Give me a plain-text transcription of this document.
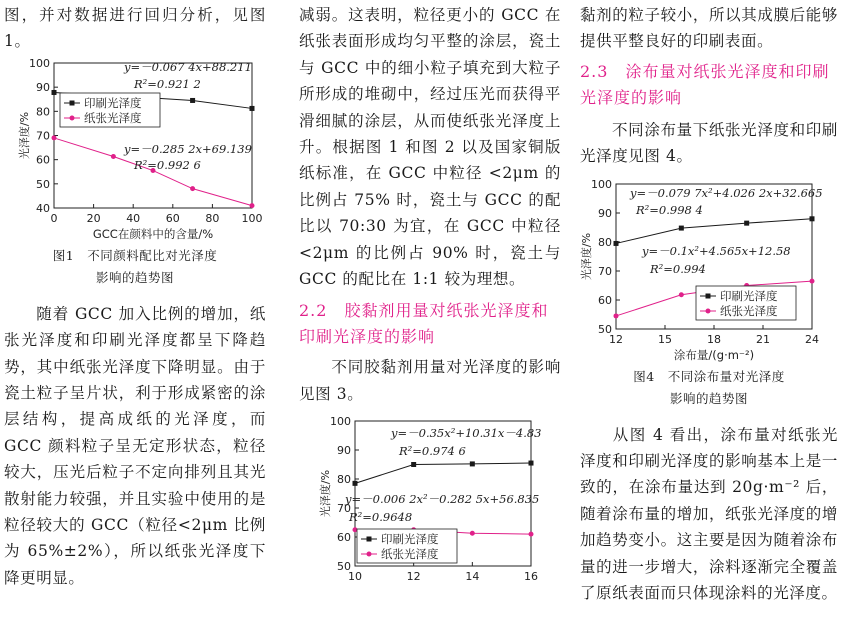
图，并对数据进行回归分析，见图 1。

40
50
60
70
80
90
100
0	20 40 60 80 100
光泽度/%
GCC在颜料中的含量/%
y=－0.067 4x+88.211
R²=0.921 2
y=－0.285 2x+69.139
R²=0.992 6
印刷光泽度
纸张光泽度

图1　不同颜料配比对光泽度

影响的趋势图

随着 GCC 加入比例的增加，纸张光泽度和印刷光泽度都呈下降趋势，其中纸张光泽度下降明显。由于瓷土粒子呈片状，利于形成紧密的涂层结构，提高成纸的光泽度，而 GCC 颜料粒子呈无定形状态，粒径较大，压光后粒子不定向排列且其光散射能力较强，并且实验中使用的是粒径较大的 GCC（粒径<2μm 比例为 65%±2%），所以纸张光泽度下降更明显。

减弱。这表明，粒径更小的 GCC 在纸张表面形成均匀平整的涂层，瓷土与 GCC 中的细小粒子填充到大粒子所形成的堆砌中，经过压光而获得平滑细腻的涂层，从而使纸张光泽度上升。根据图 1 和图 2 以及国家铜版纸标准，在 GCC 中粒径 <2μm 的比例占 75% 时，瓷土与 GCC 的配比以 70:30 为宜，在 GCC 中粒径 <2μm 的比例占 90% 时，瓷土与 GCC 的配比在 1:1 较为理想。

2.2　胶黏剂用量对纸张光泽度和印刷光泽度的影响

不同胶黏剂用量对光泽度的影响见图 3。

50
60
70
80
90
100
10	12	14	16
光泽度/%
y=－0.35x²+10.31x－4.83
R²=0.974 6
y=－0.006 2x²－0.282 5x+56.835
R²=0.9648
印刷光泽度
纸张光泽度

黏剂的粒子较小，所以其成膜后能够提供平整良好的印刷表面。

2.3　涂布量对纸张光泽度和印刷光泽度的影响

不同涂布量下纸张光泽度和印刷光泽度见图 4。

50
60
70
80
90
100
12	15	18	21	24
光泽度/%
涂布量/(g·m⁻²)
y=－0.079 7x²+4.026 2x+32.665
R²=0.998 4
y=－0.1x²+4.565x+12.58
R²=0.994
印刷光泽度
纸张光泽度

图4　不同涂布量对光泽度

影响的趋势图

从图 4 看出，涂布量对纸张光泽度和印刷光泽度的影响基本上是一致的，在涂布量达到 20g·m⁻² 后，随着涂布量的增加，纸张光泽度的增加趋势变小。这主要是因为随着涂布量的进一步增大，涂料逐渐完全覆盖了原纸表面而只体现涂料的光泽度。
